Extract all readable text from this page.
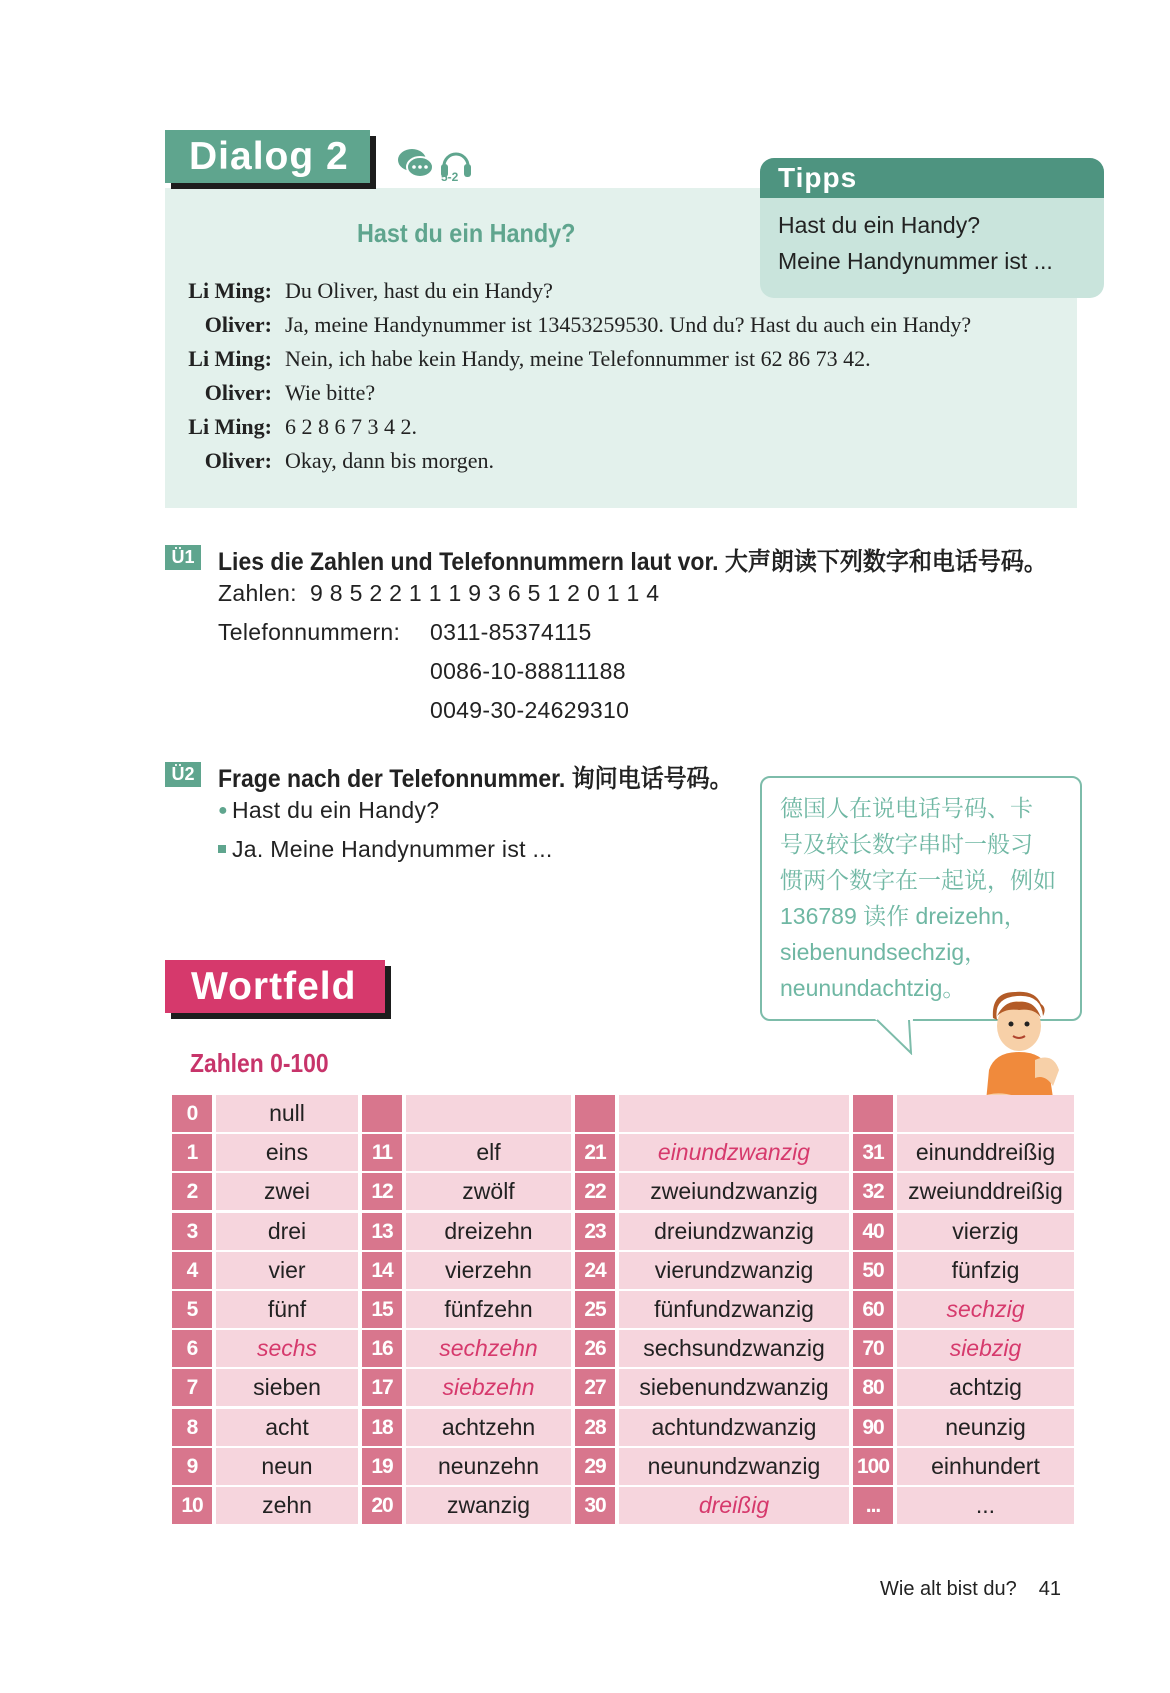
Dialog 2	5-2
Hast du ein Handy?
Li Ming: Du Oliver, hast du ein Handy?
Oliver: Ja, meine Handynummer ist 13453259530. Und du? Hast du auch ein Handy?
Li Ming: Nein, ich habe kein Handy, meine Telefonnummer ist 62 86 73 42.
Oliver: Wie bitte?
Li Ming: 6 2 8 6 7 3 4 2.
Oliver: Okay, dann bis morgen.
Tipps
Hast du ein Handy?
Meine Handynummer ist ...
Ü1 Lies die Zahlen und Telefonnummern laut vor. 大声朗读下列数字和电话号码。
Zahlen: 9 8 5 2 2 1 1 1 9 3 6 5 1 2 0 1 1 4
Telefonnummern: 0311-85374115
0086-10-88811188
0049-30-24629310
Ü2 Frage nach der Telefonnummer. 询问电话号码。
● Hast du ein Handy?
Ja. Meine Handynummer ist ...
德国人在说电话号码、卡
号及较长数字串时一般习
惯两个数字在一起说，例如
136789 读作 dreizehn，
siebenundsechzig，
neunundachtzig。
Wortfeld
Zahlen 0-100
0	null
1	eins
2	zwei
3	drei
4	vier
5	fünf
6	sechs
7	sieben
8	acht
9	neun
10	zehn
11	elf
12	zwölf
13	dreizehn
14	vierzehn
15	fünfzehn
16	sechzehn
17	siebzehn
18	achtzehn
19	neunzehn
20	zwanzig
21	einundzwanzig
22	zweiundzwanzig
23	dreiundzwanzig
24	vierundzwanzig
25	fünfundzwanzig
26	sechsundzwanzig
27	siebenundzwanzig
28	achtundzwanzig
29	neunundzwanzig
30	dreißig
31	einunddreißig
32	zweiunddreißig
40	vierzig
50	fünfzig
60	sechzig
70	siebzig
80	achtzig
90	neunzig
100	einhundert
...	...
Wie alt bist du? 41
